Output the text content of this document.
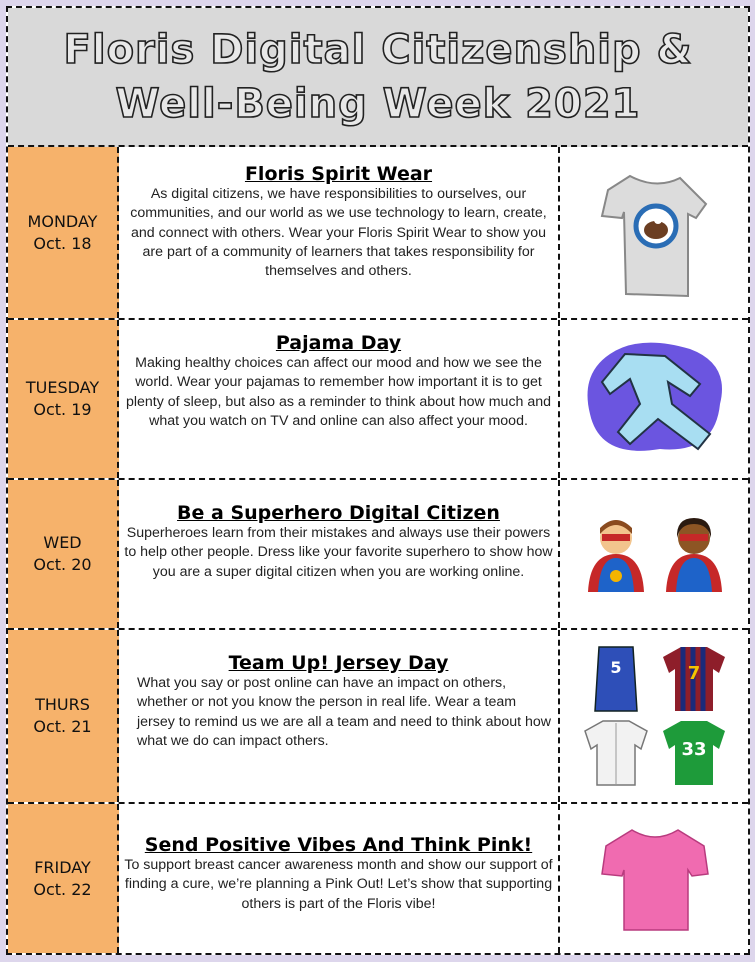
Floris Digital Citizenship &
Well-Being Week 2021
MONDAY
Oct. 18
Floris Spirit Wear

As digital citizens, we have responsibilities to ourselves, our communities, and our world as we use technology to learn, create, and connect with others. Wear your Floris Spirit Wear to show you are part of a community of learners that takes responsibility for themselves and others.

TUESDAY
Oct. 19
Pajama Day

Making healthy choices can affect our mood and how we see the world. Wear your pajamas to remember how important it is to get plenty of sleep, but also as a reminder to think about how much and what you watch on TV and online can also affect your mood.

WED
Oct. 20
Be a Superhero Digital Citizen

Superheroes learn from their mistakes and always use their powers to help other people. Dress like your favorite superhero to show how you are a super digital citizen when you are working online.

THURS
Oct. 21
Team Up! Jersey Day

What you say or post online can have an impact on others, whether or not you know the person in real life. Wear a team jersey to remind us we are all a team and need to think about how what we do can impact others.

5	7
33
FRIDAY
Oct. 22
Send Positive Vibes And Think Pink!

To support breast cancer awareness month and show our support of finding a cure, we’re planning a Pink Out! Let’s show that supporting others is part of the Floris vibe!
